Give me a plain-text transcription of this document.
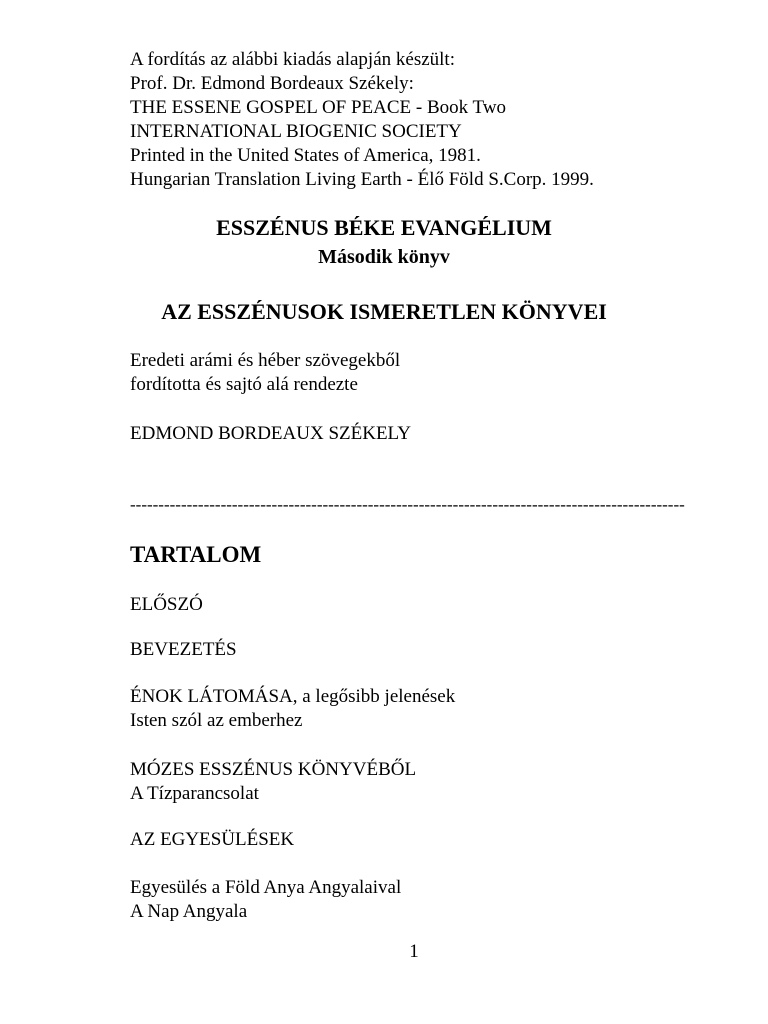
A fordítás az alábbi kiadás alapján készült:
Prof. Dr. Edmond Bordeaux Székely:
THE ESSENE GOSPEL OF PEACE - Book Two
INTERNATIONAL BIOGENIC SOCIETY
Printed in the United States of America, 1981.
Hungarian Translation Living Earth - Élő Föld S.Corp. 1999.
ESSZÉNUS BÉKE EVANGÉLIUM
Második könyv
AZ ESSZÉNUSOK ISMERETLEN KÖNYVEI
Eredeti arámi és héber szövegekből
fordította és sajtó alá rendezte
EDMOND BORDEAUX SZÉKELY
--------------------------------------------------------------------------------------------------
TARTALOM
ELŐSZÓ
BEVEZETÉS
ÉNOK LÁTOMÁSA, a legősibb jelenések
Isten szól az emberhez
MÓZES ESSZÉNUS KÖNYVÉBŐL
A Tízparancsolat
AZ EGYESÜLÉSEK
Egyesülés a Föld Anya Angyalaival
A Nap Angyala
1
